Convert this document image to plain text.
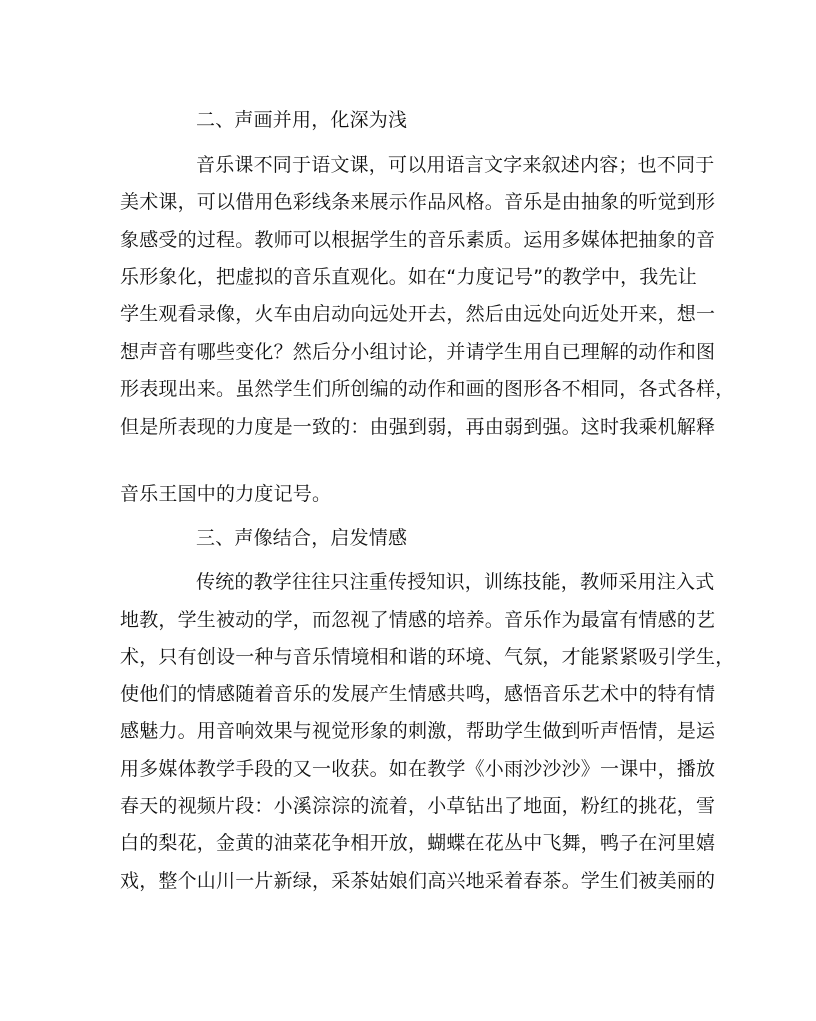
二、声画并用，化深为浅
音乐课不同于语文课，可以用语言文字来叙述内容；也不同于
美术课，可以借用色彩线条来展示作品风格。音乐是由抽象的听觉到形
象感受的过程。教师可以根据学生的音乐素质。运用多媒体把抽象的音
乐形象化，把虚拟的音乐直观化。如在“力度记号”的教学中，我先让
学生观看录像，火车由启动向远处开去，然后由远处向近处开来，想一
想声音有哪些变化？然后分小组讨论，并请学生用自已理解的动作和图
形表现出来。虽然学生们所创编的动作和画的图形各不相同，各式各样，
但是所表现的力度是一致的：由强到弱，再由弱到强。这时我乘机解释
音乐王国中的力度记号。
三、声像结合，启发情感
传统的教学往往只注重传授知识，训练技能，教师采用注入式
地教，学生被动的学，而忽视了情感的培养。音乐作为最富有情感的艺
术，只有创设一种与音乐情境相和谐的环境、气氛，才能紧紧吸引学生，
使他们的情感随着音乐的发展产生情感共鸣，感悟音乐艺术中的特有情
感魅力。用音响效果与视觉形象的刺激，帮助学生做到听声悟情，是运
用多媒体教学手段的又一收获。如在教学《小雨沙沙沙》一课中，播放
春天的视频片段：小溪淙淙的流着，小草钻出了地面，粉红的挑花，雪
白的梨花，金黄的油菜花争相开放，蝴蝶在花丛中飞舞，鸭子在河里嬉
戏，整个山川一片新绿，采茶姑娘们高兴地采着春茶。学生们被美丽的
